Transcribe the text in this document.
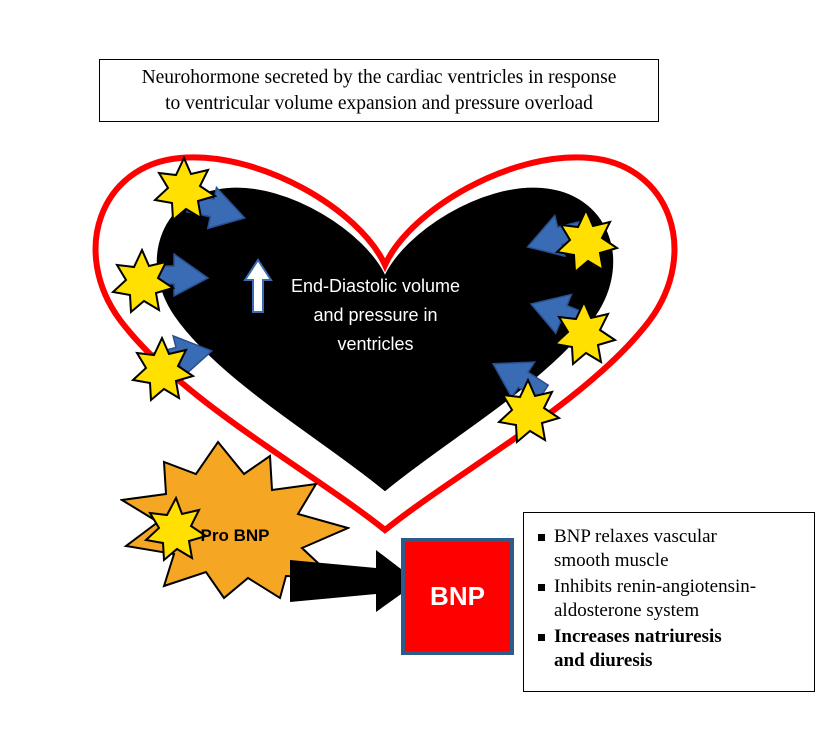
Neurohormone secreted by the cardiac ventricles in response
to ventricular volume expansion and pressure overload
End-Diastolic volume
and pressure in
ventricles
Pro BNP
BNP
BNP relaxes vascular
smooth muscle
Inhibits renin-angiotensin-
aldosterone system
Increases natriuresis
and diuresis
